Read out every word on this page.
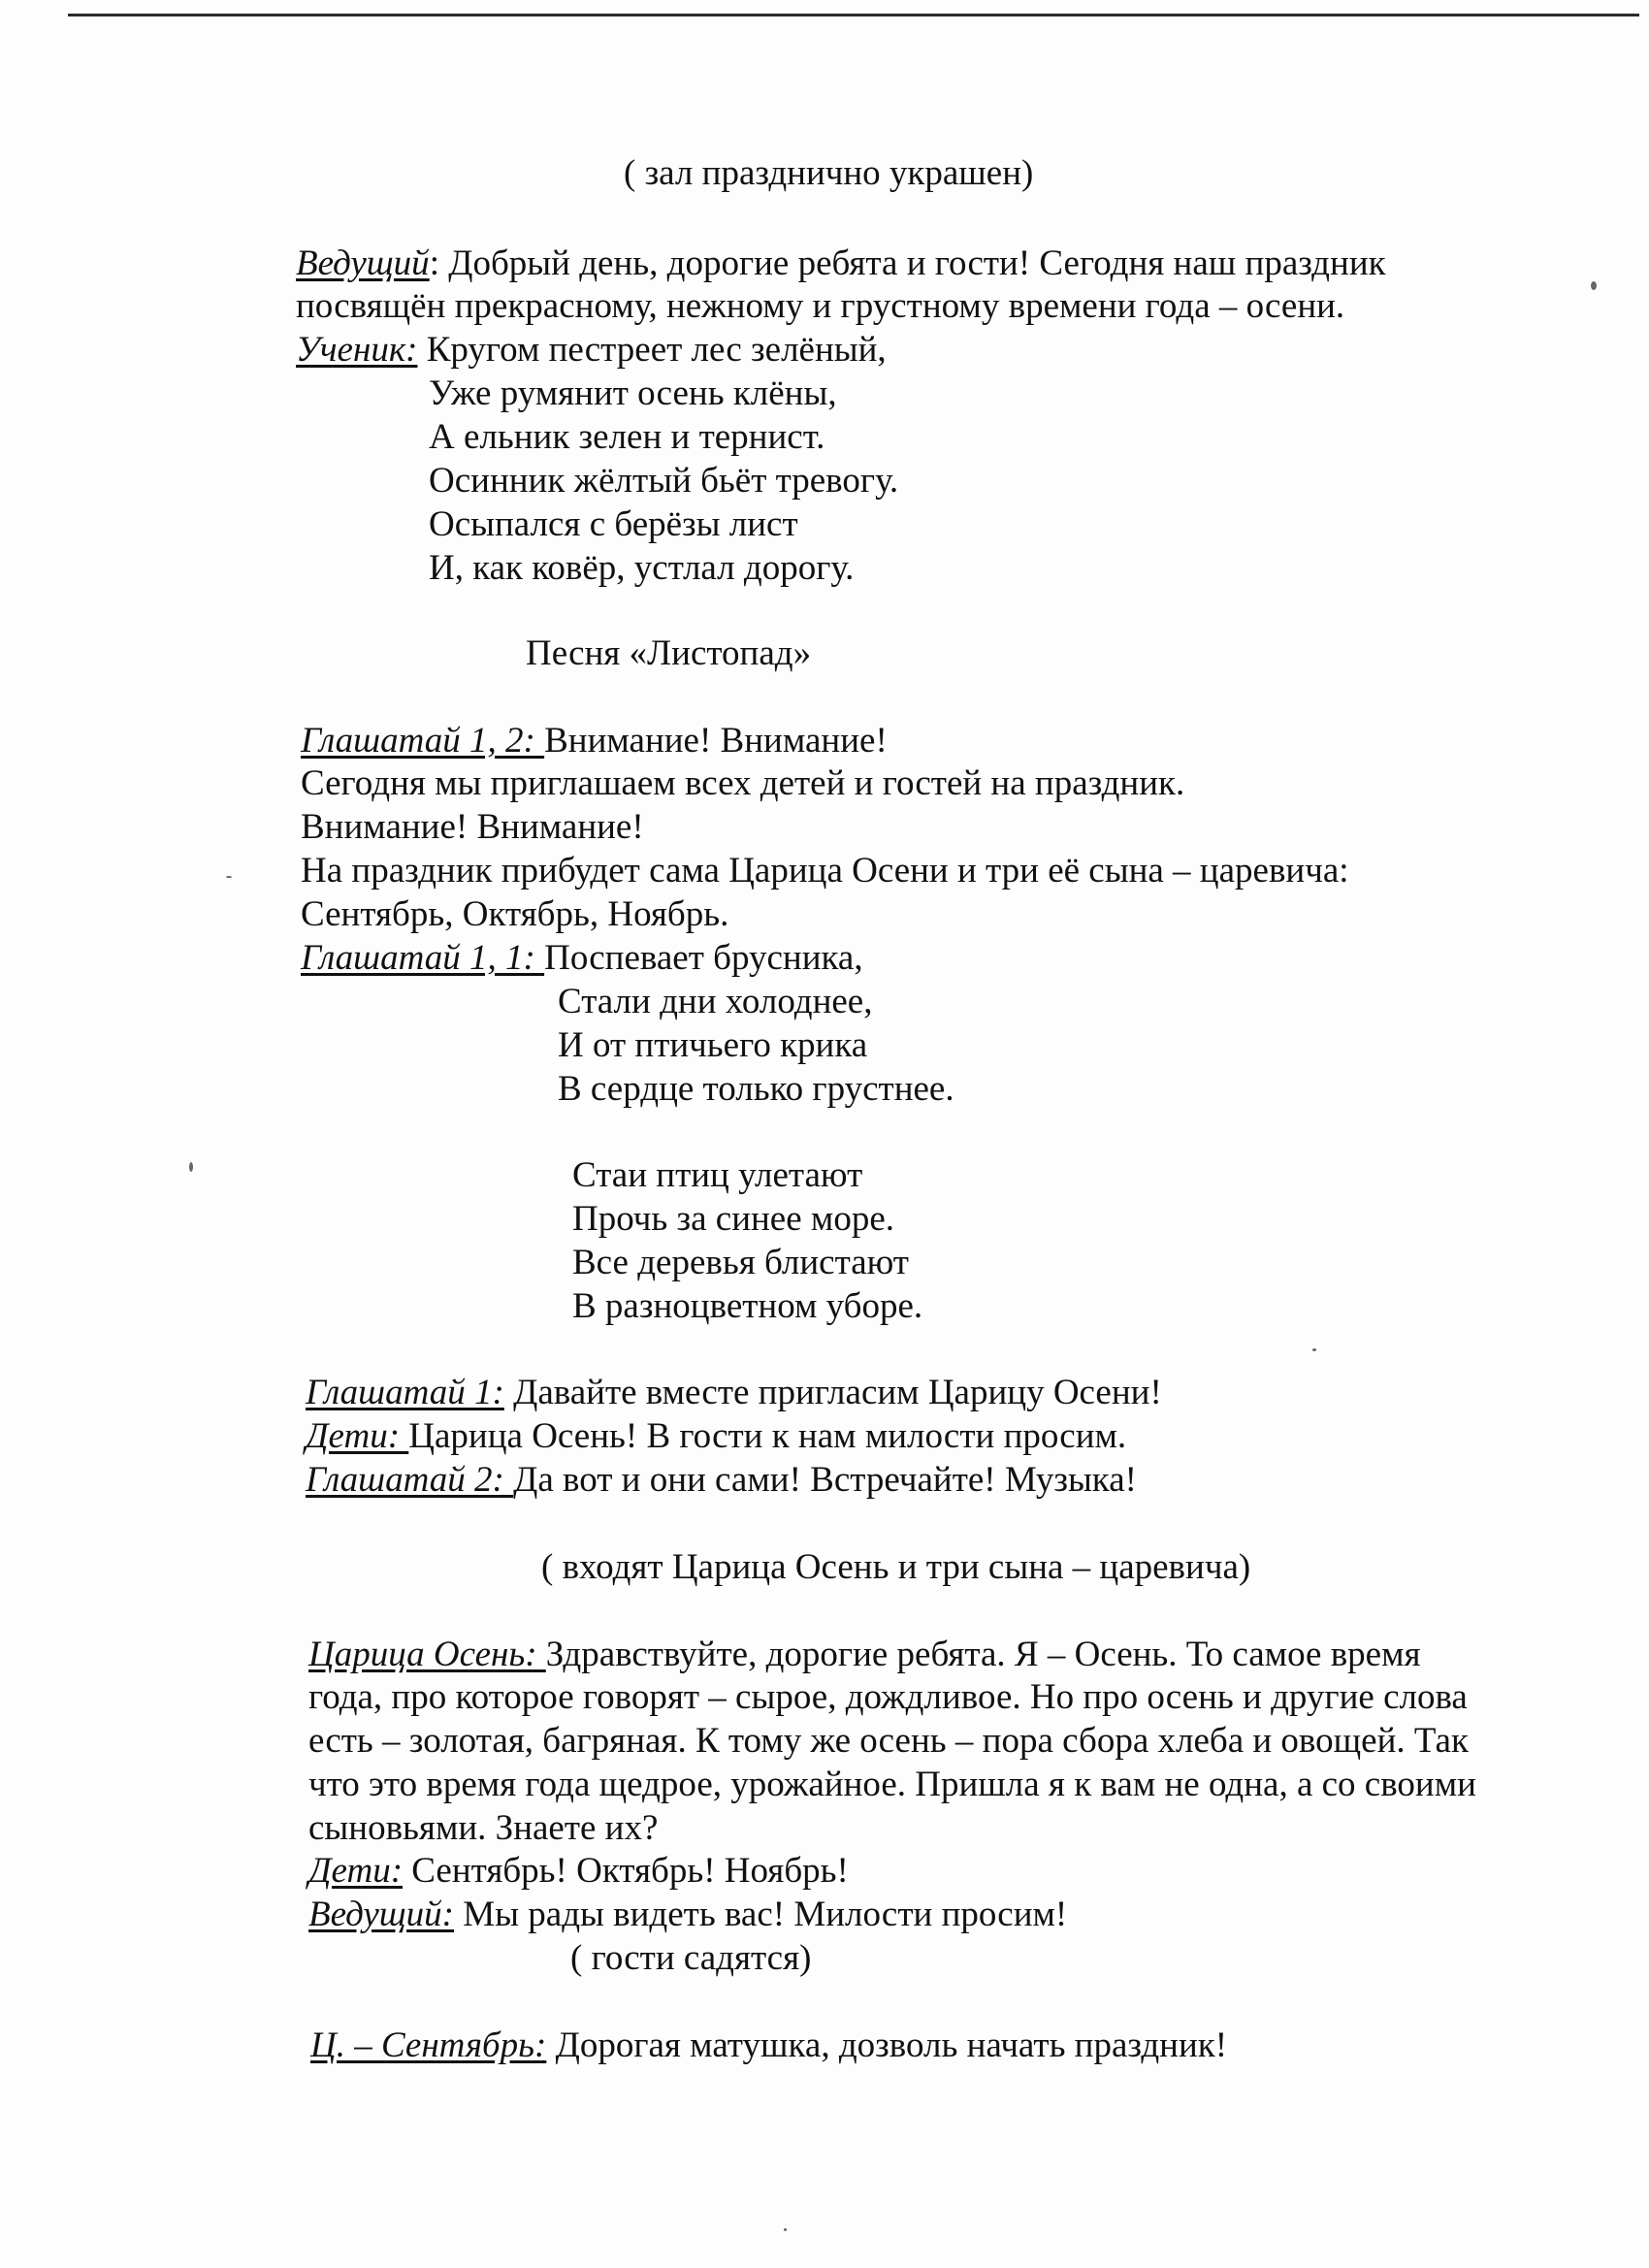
( зал празднично украшен)
Ведущий: Добрый день, дорогие ребята и гости! Сегодня наш праздник
посвящён прекрасному, нежному и грустному времени года – осени.
Ученик: Кругом пестреет лес зелёный,
Уже румянит осень клёны,
А ельник зелен и тернист.
Осинник жёлтый бьёт тревогу.
Осыпался с берёзы лист
И, как ковёр, устлал дорогу.
Песня «Листопад»
Глашатай 1, 2: Внимание! Внимание!
Сегодня мы приглашаем всех детей и гостей на праздник.
Внимание! Внимание!
На праздник прибудет сама Царица Осени и три её сына – царевича:
Сентябрь, Октябрь, Ноябрь.
Глашатай 1, 1: Поспевает брусника,
Стали дни холоднее,
И от птичьего крика
В сердце только грустнее.
Стаи птиц улетают
Прочь за синее море.
Все деревья блистают
В разноцветном уборе.
Глашатай 1: Давайте вместе пригласим Царицу Осени!
Дети: Царица Осень! В гости к нам милости просим.
Глашатай 2: Да вот и они сами! Встречайте! Музыка!
( входят Царица Осень и три сына – царевича)
Царица Осень: Здравствуйте, дорогие ребята. Я – Осень. То самое время
года, про которое говорят – сырое, дождливое. Но про осень и другие слова
есть – золотая, багряная. К тому же осень – пора сбора хлеба и овощей. Так
что это время года щедрое, урожайное. Пришла я к вам не одна, а со своими
сыновьями. Знаете их?
Дети: Сентябрь! Октябрь! Ноябрь!
Ведущий: Мы рады видеть вас! Милости просим!
( гости садятся)
Ц. – Сентябрь: Дорогая матушка, дозволь начать праздник!
